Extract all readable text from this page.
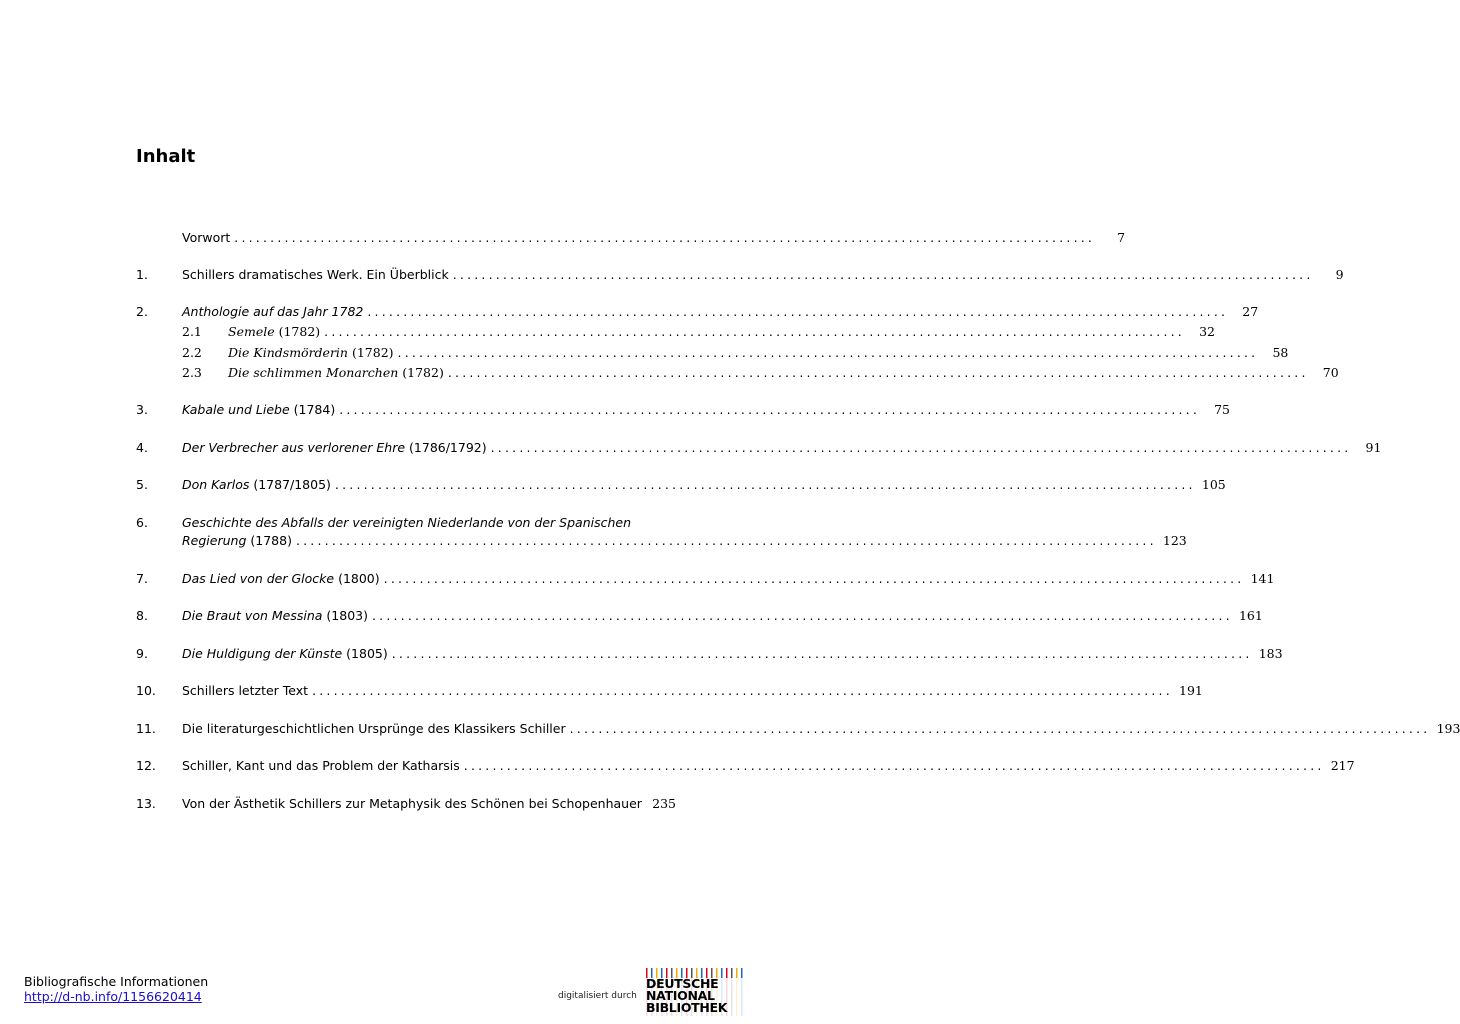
Inhalt
Vorwort ........................................................................................................................	7
1.	Schillers dramatisches Werk. Ein Überblick ........................................................................................................................	9
2.	Anthologie auf das Jahr 1782 ........................................................................................................................	27
2.1	Semele (1782) ........................................................................................................................	32
2.2	Die Kindsmörderin (1782) ........................................................................................................................	58
2.3	Die schlimmen Monarchen (1782) ........................................................................................................................	70
3.	Kabale und Liebe (1784) ........................................................................................................................	75
4.	Der Verbrecher aus verlorener Ehre (1786/1792) ........................................................................................................................	91
5.	Don Karlos (1787/1805) ........................................................................................................................ 105
6.	Geschichte des Abfalls der vereinigten Niederlande von der Spanischen
Regierung (1788) ........................................................................................................................ 123
7.	Das Lied von der Glocke (1800) ........................................................................................................................ 141
8.	Die Braut von Messina (1803) ........................................................................................................................ 161
9.	Die Huldigung der Künste (1805) ........................................................................................................................ 183
10.	Schillers letzter Text ........................................................................................................................ 191
11.	Die literaturgeschichtlichen Ursprünge des Klassikers Schiller ........................................................................................................................ 193
12.	Schiller, Kant und das Problem der Katharsis ........................................................................................................................ 217
13.	Von der Ästhetik Schillers zur Metaphysik des Schönen bei Schopenhauer 235
Bibliografische Informationen
http://d-nb.info/1156620414	digitalisiert durch
DEUTSCHE
NATIONAL
BIBLIOTHEK
